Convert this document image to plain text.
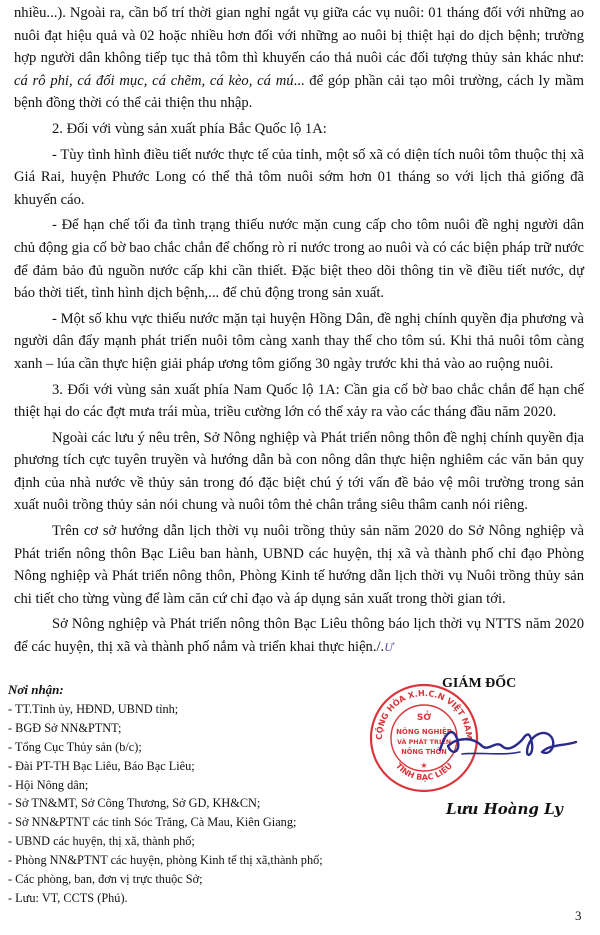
nhiều...). Ngoài ra, cần bố trí thời gian nghỉ ngắt vụ giữa các vụ nuôi: 01 tháng đối với những ao nuôi đạt hiệu quả và 02 hoặc nhiều hơn đối với những ao nuôi bị thiệt hại do dịch bệnh; trường hợp người dân không tiếp tục thả tôm thì khuyến cáo thả nuôi các đối tượng thủy sản khác như: cá rô phi, cá đối mục, cá chẽm, cá kèo, cá mú... để góp phần cải tạo môi trường, cách ly mầm bệnh đồng thời có thể cải thiện thu nhập.

2. Đối với vùng sản xuất phía Bắc Quốc lộ 1A:

- Tùy tình hình điều tiết nước thực tế của tỉnh, một số xã có diện tích nuôi tôm thuộc thị xã Giá Rai, huyện Phước Long có thể thả tôm nuôi sớm hơn 01 tháng so với lịch thả giống đã khuyến cáo.

- Để hạn chế tối đa tình trạng thiếu nước mặn cung cấp cho tôm nuôi đề nghị người dân chủ động gia cố bờ bao chắc chắn để chống rò rỉ nước trong ao nuôi và có các biện pháp trữ nước để đảm bảo đủ nguồn nước cấp khi cần thiết. Đặc biệt theo dõi thông tin về điều tiết nước, dự báo thời tiết, tình hình dịch bệnh,... để chủ động trong sản xuất.

- Một số khu vực thiếu nước mặn tại huyện Hồng Dân, đề nghị chính quyền địa phương và người dân đẩy mạnh phát triển nuôi tôm càng xanh thay thế cho tôm sú. Khi thả nuôi tôm càng xanh – lúa cần thực hiện giải pháp ương tôm giống 30 ngày trước khi thả vào ao ruộng nuôi.

3. Đối với vùng sản xuất phía Nam Quốc lộ 1A: Cần gia cố bờ bao chắc chắn để hạn chế thiệt hại do các đợt mưa trái mùa, triều cường lớn có thể xảy ra vào các tháng đầu năm 2020.

Ngoài các lưu ý nêu trên, Sở Nông nghiệp và Phát triển nông thôn đề nghị chính quyền địa phương tích cực tuyên truyền và hướng dẫn bà con nông dân thực hiện nghiêm các văn bản quy định của nhà nước về thủy sản trong đó đặc biệt chú ý tới vấn đề bảo vệ môi trường trong sản xuất nuôi trồng thủy sản nói chung và nuôi tôm thẻ chân trắng siêu thâm canh nói riêng.

Trên cơ sở hướng dẫn lịch thời vụ nuôi trồng thủy sản năm 2020 do Sở Nông nghiệp và Phát triển nông thôn Bạc Liêu ban hành, UBND các huyện, thị xã và thành phố chỉ đạo Phòng Nông nghiệp và Phát triển nông thôn, Phòng Kinh tế hướng dẫn lịch thời vụ Nuôi trồng thủy sản chi tiết cho từng vùng để làm căn cứ chỉ đạo và áp dụng sản xuất trong thời gian tới.

Sở Nông nghiệp và Phát triển nông thôn Bạc Liêu thông báo lịch thời vụ NTTS năm 2020 để các huyện, thị xã và thành phố nắm và triển khai thực hiện./.Ư

Nơi nhận:
- TT.Tỉnh ủy, HĐND, UBND tỉnh;
- BGĐ Sở NN&PTNT;
- Tổng Cục Thủy sản (b/c);
- Đài PT-TH Bạc Liêu, Báo Bạc Liêu;
- Hội Nông dân;
- Sở TN&MT, Sở Công Thương, Sở GD, KH&CN;
- Sở NN&PTNT các tỉnh Sóc Trăng, Cà Mau, Kiên Giang;
- UBND các huyện, thị xã, thành phố;
- Phòng NN&PTNT các huyện, phòng Kinh tế thị xã,thành phố;
- Các phòng, ban, đơn vị trực thuộc Sở;
- Lưu: VT, CCTS (Phú).
CỘNG HÒA X.H.C.N VIỆT NAM
TỈNH BẠC LIÊU
SỞ
NÔNG NGHIỆP
VÀ PHÁT TRIỂN
NÔNG THÔN
★
GIÁM ĐỐC
Lưu Hoàng Ly
3
